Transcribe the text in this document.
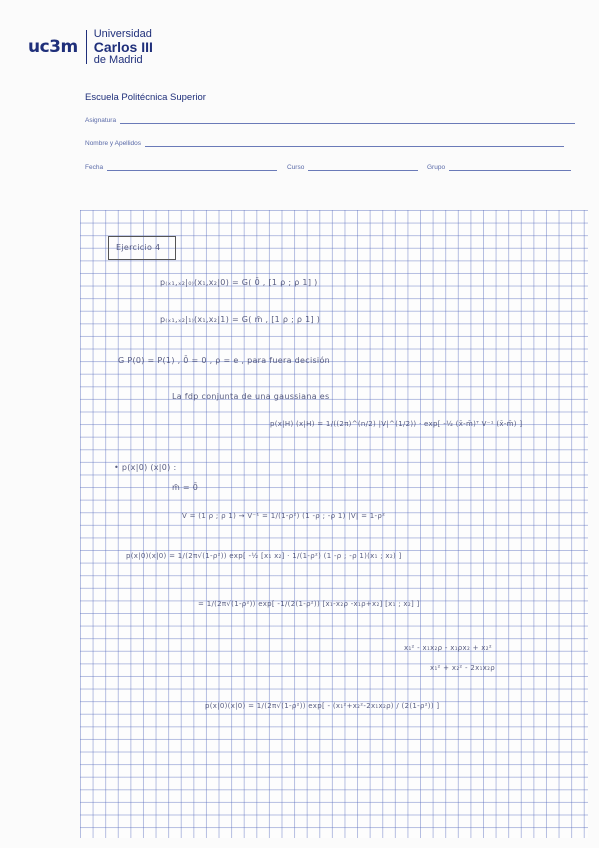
uc3m
Universidad
Carlos III
de Madrid
Escuela Politécnica Superior
Asignatura
Nombre y Apellidos
Fecha	Curso	Grupo
Ejercicio 4
p₍ₓ₁,ₓ₂|₀₎(x₁,x₂|0) = G( 0̄ , [1 ρ ; ρ 1] )
p₍ₓ₁,ₓ₂|₁₎(x₁,x₂|1) = G( m̄ , [1 ρ ; ρ 1] )
G P(0) = P(1) , 0̄ = 0 , ρ = e , para fuera decisión
La fdp conjunta de una gaussiana es
p(x|H) (x|H) = 1/((2π)^(n/2) |V|^(1/2)) · exp[ -½ (x̄-m̄)ᵀ V⁻¹ (x̄-m̄) ]
• p(x|0) (x|0) :
m̄ = 0̄
V = (1 ρ ; ρ 1) → V⁻¹ = 1/(1-ρ²) (1 -ρ ; -ρ 1) |V| = 1-ρ²
p(x|0)(x|0) = 1/(2π√(1-ρ²)) exp[ -½ [x₁ x₂] · 1/(1-ρ²) (1 -ρ ; -ρ 1)(x₁ ; x₂) ]
= 1/(2π√(1-ρ²)) exp[ -1/(2(1-ρ²)) [x₁-x₂ρ -x₁ρ+x₂] [x₁ ; x₂] ]
x₁² - x₁x₂ρ - x₁ρx₂ + x₂²
x₁² + x₂² - 2x₁x₂ρ
p(x|0)(x|0) = 1/(2π√(1-ρ²)) exp[ - (x₁²+x₂²-2x₁x₂ρ) / (2(1-ρ²)) ]
